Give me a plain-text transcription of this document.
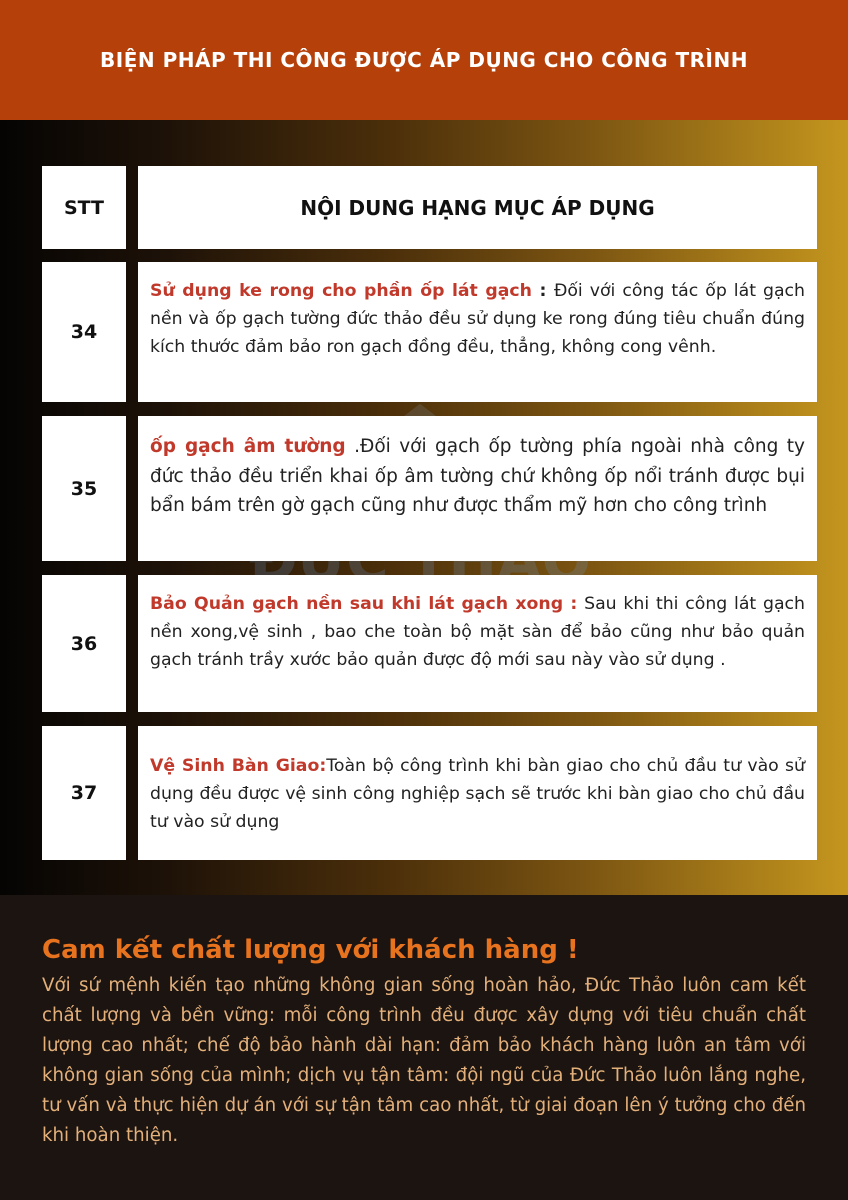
BIỆN PHÁP THI CÔNG ĐƯỢC ÁP DỤNG CHO CÔNG TRÌNH
STT	NỘI DUNG HẠNG MỤC ÁP DỤNG
34
Sử dụng ke rong cho phần ốp lát gạch : Đối với công tác ốp lát gạch nền và ốp gạch tường đức thảo đều sử dụng ke rong đúng tiêu chuẩn đúng kích thước đảm bảo ron gạch đồng đều, thẳng, không cong vênh.
35
ốp gạch âm tường .Đối với gạch ốp tường phía ngoài nhà công ty đức thảo đều triển khai ốp âm tường chứ không ốp nổi tránh được bụi bẩn bám trên gờ gạch cũng như được thẩm mỹ hơn cho công trình
36
Bảo Quản gạch nền sau khi lát gạch xong : Sau khi thi công lát gạch nền xong,vệ sinh , bao che toàn bộ mặt sàn để bảo cũng như bảo quản gạch tránh trầy xước bảo quản được độ mới sau này vào sử dụng .
37
Vệ Sinh Bàn Giao:Toàn bộ công trình khi bàn giao cho chủ đầu tư vào sử dụng đều được vệ sinh công nghiệp sạch sẽ trước khi bàn giao cho chủ đầu tư vào sử dụng
Cam kết chất lượng với khách hàng !

Với sứ mệnh kiến tạo những không gian sống hoàn hảo, Đức Thảo luôn cam kết chất lượng và bền vững: mỗi công trình đều được xây dựng với tiêu chuẩn chất lượng cao nhất; chế độ bảo hành dài hạn: đảm bảo khách hàng luôn an tâm với không gian sống của mình; dịch vụ tận tâm: đội ngũ của Đức Thảo luôn lắng nghe, tư vấn và thực hiện dự án với sự tận tâm cao nhất, từ giai đoạn lên ý tưởng cho đến khi hoàn thiện.
